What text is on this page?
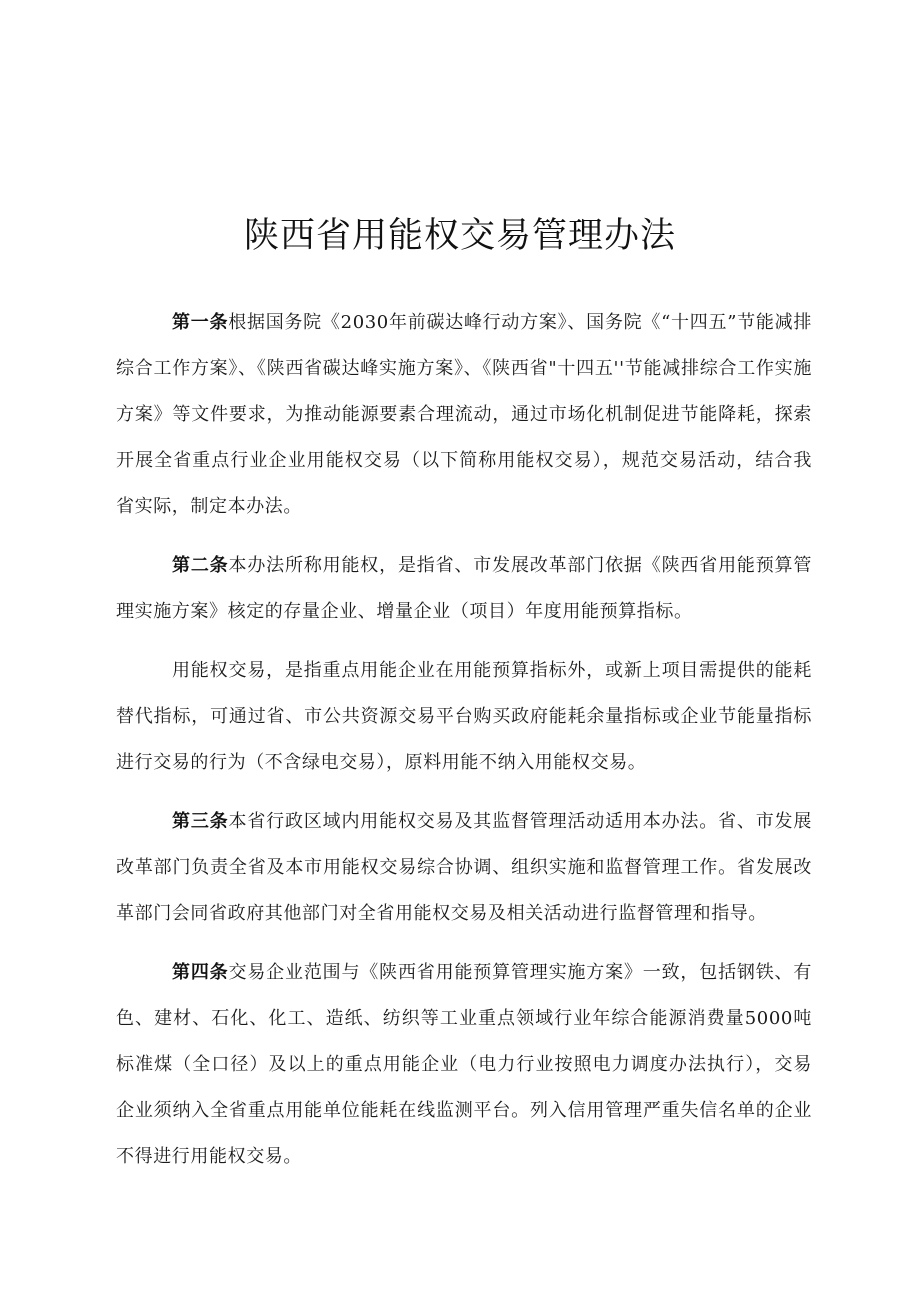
陕西省用能权交易管理办法

第一条根据国务院《2030年前碳达峰行动方案》、国务院《“十四五”节能减排综合工作方案》、《陕西省碳达峰实施方案》、《陕西省"十四五''节能减排综合工作实施方案》等文件要求，为推动能源要素合理流动，通过市场化机制促进节能降耗，探索开展全省重点行业企业用能权交易（以下简称用能权交易），规范交易活动，结合我省实际，制定本办法。

第二条本办法所称用能权，是指省、市发展改革部门依据《陕西省用能预算管理实施方案》核定的存量企业、增量企业（项目）年度用能预算指标。

用能权交易，是指重点用能企业在用能预算指标外，或新上项目需提供的能耗替代指标，可通过省、市公共资源交易平台购买政府能耗余量指标或企业节能量指标进行交易的行为（不含绿电交易），原料用能不纳入用能权交易。

第三条本省行政区域内用能权交易及其监督管理活动适用本办法。省、市发展改革部门负责全省及本市用能权交易综合协调、组织实施和监督管理工作。省发展改革部门会同省政府其他部门对全省用能权交易及相关活动进行监督管理和指导。

第四条交易企业范围与《陕西省用能预算管理实施方案》一致，包括钢铁、有色、建材、石化、化工、造纸、纺织等工业重点领域行业年综合能源消费量5000吨标准煤（全口径）及以上的重点用能企业（电力行业按照电力调度办法执行），交易企业须纳入全省重点用能单位能耗在线监测平台。列入信用管理严重失信名单的企业不得进行用能权交易。
